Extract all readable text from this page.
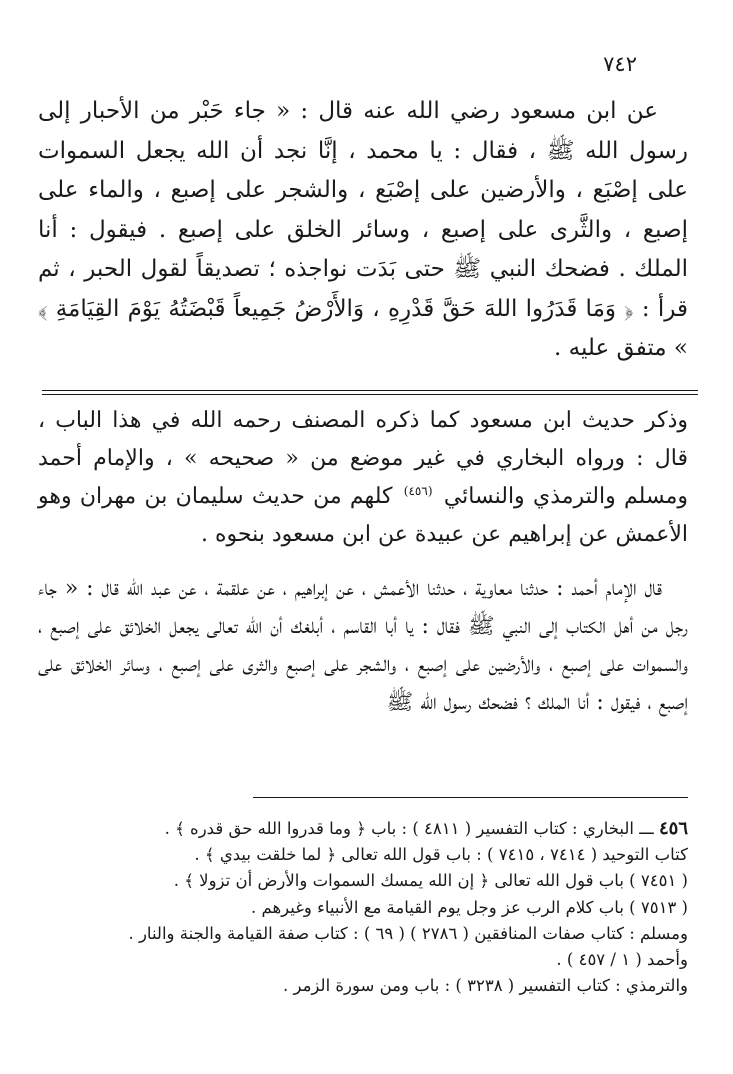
٧٤٢

عن ابن مسعود رضي الله عنه قال : « جاء حَبْر من الأحبار إلى رسول الله ﷺ ، فقال : يا محمد ، إنَّا نجد أن الله يجعل السموات على إصْبَع ، والأرضين على إصْبَع ، والشجر على إصبع ، والماء على إصبع ، والثَّرى على إصبع ، وسائر الخلق على إصبع . فيقول : أنا الملك . فضحك النبي ﷺ حتى بَدَت نواجذه ؛ تصديقاً لقول الحبر ، ثم قرأ : ﴿ وَمَا قَدَرُوا اللهَ حَقَّ قَدْرِهِ ، وَالأَرْضُ جَمِيعاً قَبْضَتُهُ يَوْمَ القِيَامَةِ ﴾ » متفق عليه .

وذكر حديث ابن مسعود كما ذكره المصنف رحمه الله في هذا الباب ، قال : ورواه البخاري في غير موضع من « صحيحه » ، والإمام أحمد ومسلم والترمذي والنسائي $^{(٤٥٦)}$ كلهم من حديث سليمان بن مهران وهو الأعمش عن إبراهيم عن عبيدة عن ابن مسعود بنحوه .

قال الإمام أحمد : حدثنا معاوية ، حدثنا الأعمش ، عن إبراهيم ، عن علقمة ، عن عبد الله قال : « جاء رجل من أهل الكتاب إلى النبي ﷺ فقال : يا أبا القاسم ، أبلغك أن الله تعالى يجعل الخلائق على إصبع ، والسموات على إصبع ، والأرضين على إصبع ، والشجر على إصبع والثرى على إصبع ، وسائر الخلائق على إصبع ، فيقول : أنا الملك ؟ فضحك رسول الله ﷺ

٤٥٦ ـــ البخاري : كتاب التفسير ( ٤٨١١ ) : باب ﴿ وما قدروا الله حق قدره ﴾ .
كتاب التوحيد ( ٧٤١٤ ، ٧٤١٥ ) : باب قول الله تعالى ﴿ لما خلقت بيدي ﴾ .
( ٧٤٥١ ) باب قول الله تعالى ﴿ إن الله يمسك السموات والأرض أن تزولا ﴾ .
( ٧٥١٣ ) باب كلام الرب عز وجل يوم القيامة مع الأنبياء وغيرهم .
ومسلم : كتاب صفات المنافقين ( ٢٧٨٦ ) ( ٦٩ ) : كتاب صفة القيامة والجنة والنار .
وأحمد ( ١ / ٤٥٧ ) .
والترمذي : كتاب التفسير ( ٣٢٣٨ ) : باب ومن سورة الزمر .
